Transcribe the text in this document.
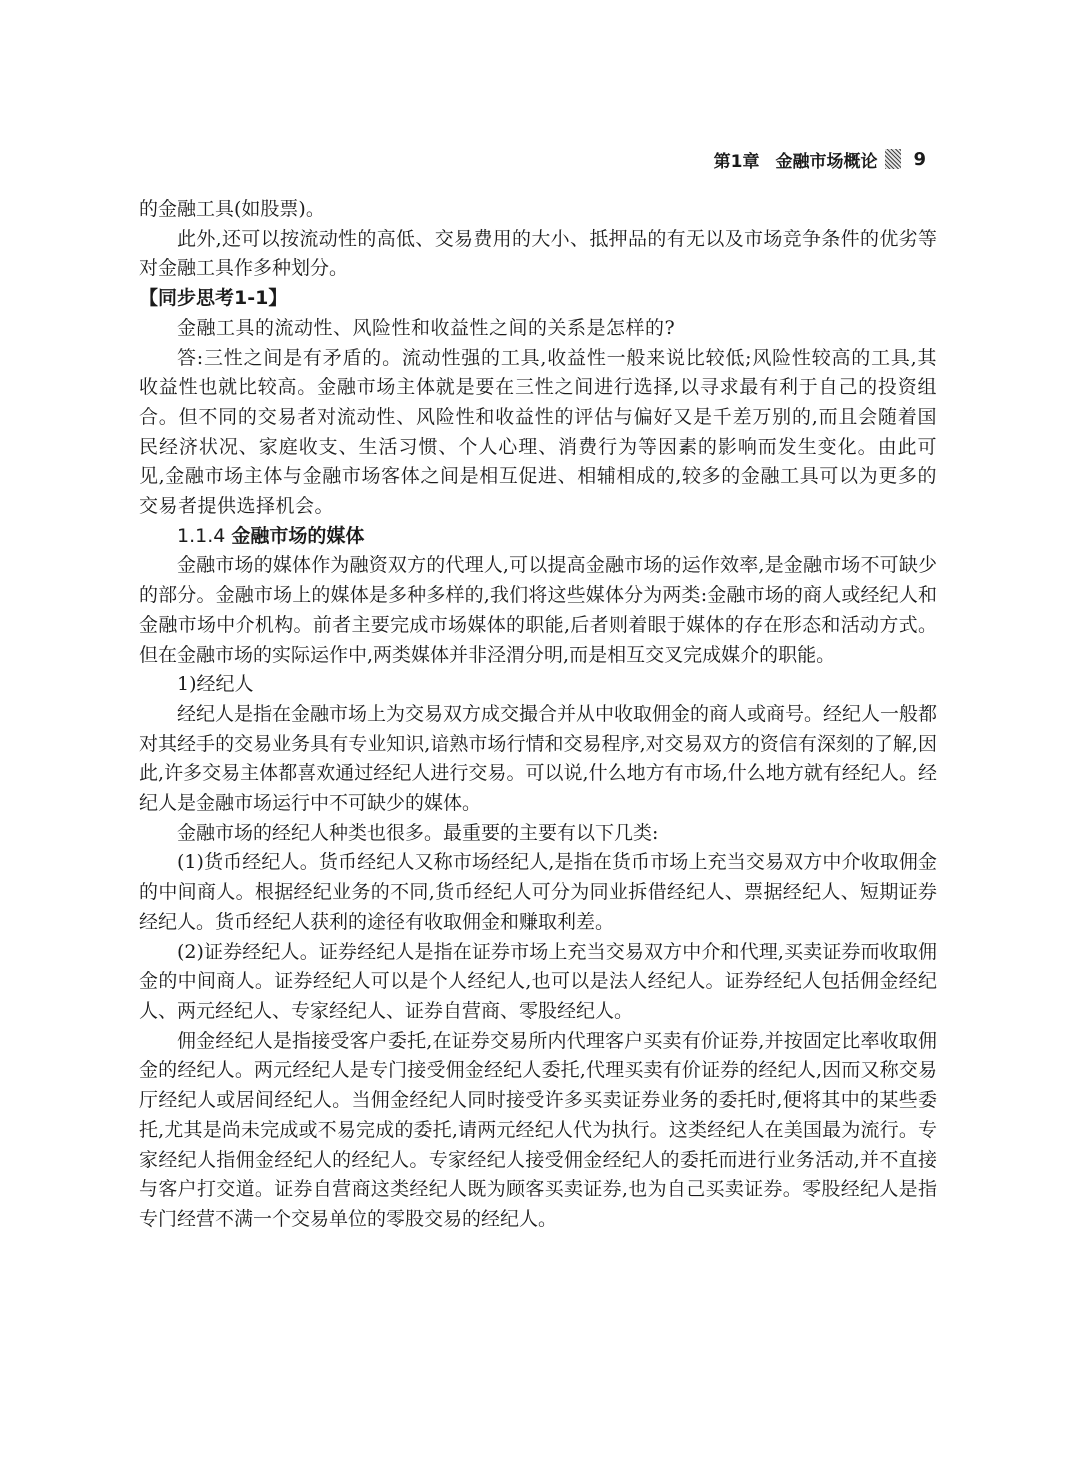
第1章 金融市场概论 9

的金融工具(如股票)。

此外,还可以按流动性的高低、交易费用的大小、抵押品的有无以及市场竞争条件的优劣等对金融工具作多种划分。

【同步思考1-1】

金融工具的流动性、风险性和收益性之间的关系是怎样的?

答:三性之间是有矛盾的。流动性强的工具,收益性一般来说比较低;风险性较高的工具,其收益性也就比较高。金融市场主体就是要在三性之间进行选择,以寻求最有利于自己的投资组合。但不同的交易者对流动性、风险性和收益性的评估与偏好又是千差万别的,而且会随着国民经济状况、家庭收支、生活习惯、个人心理、消费行为等因素的影响而发生变化。由此可见,金融市场主体与金融市场客体之间是相互促进、相辅相成的,较多的金融工具可以为更多的交易者提供选择机会。

1.1.4 金融市场的媒体

金融市场的媒体作为融资双方的代理人,可以提高金融市场的运作效率,是金融市场不可缺少的部分。金融市场上的媒体是多种多样的,我们将这些媒体分为两类:金融市场的商人或经纪人和金融市场中介机构。前者主要完成市场媒体的职能,后者则着眼于媒体的存在形态和活动方式。但在金融市场的实际运作中,两类媒体并非泾渭分明,而是相互交叉完成媒介的职能。

1)经纪人

经纪人是指在金融市场上为交易双方成交撮合并从中收取佣金的商人或商号。经纪人一般都对其经手的交易业务具有专业知识,谙熟市场行情和交易程序,对交易双方的资信有深刻的了解,因此,许多交易主体都喜欢通过经纪人进行交易。可以说,什么地方有市场,什么地方就有经纪人。经纪人是金融市场运行中不可缺少的媒体。

金融市场的经纪人种类也很多。最重要的主要有以下几类:

(1)货币经纪人。货币经纪人又称市场经纪人,是指在货币市场上充当交易双方中介收取佣金的中间商人。根据经纪业务的不同,货币经纪人可分为同业拆借经纪人、票据经纪人、短期证券经纪人。货币经纪人获利的途径有收取佣金和赚取利差。

(2)证券经纪人。证券经纪人是指在证券市场上充当交易双方中介和代理,买卖证券而收取佣金的中间商人。证券经纪人可以是个人经纪人,也可以是法人经纪人。证券经纪人包括佣金经纪人、两元经纪人、专家经纪人、证券自营商、零股经纪人。

佣金经纪人是指接受客户委托,在证券交易所内代理客户买卖有价证券,并按固定比率收取佣金的经纪人。两元经纪人是专门接受佣金经纪人委托,代理买卖有价证券的经纪人,因而又称交易厅经纪人或居间经纪人。当佣金经纪人同时接受许多买卖证券业务的委托时,便将其中的某些委托,尤其是尚未完成或不易完成的委托,请两元经纪人代为执行。这类经纪人在美国最为流行。专家经纪人指佣金经纪人的经纪人。专家经纪人接受佣金经纪人的委托而进行业务活动,并不直接与客户打交道。证券自营商这类经纪人既为顾客买卖证券,也为自己买卖证券。零股经纪人是指专门经营不满一个交易单位的零股交易的经纪人。
